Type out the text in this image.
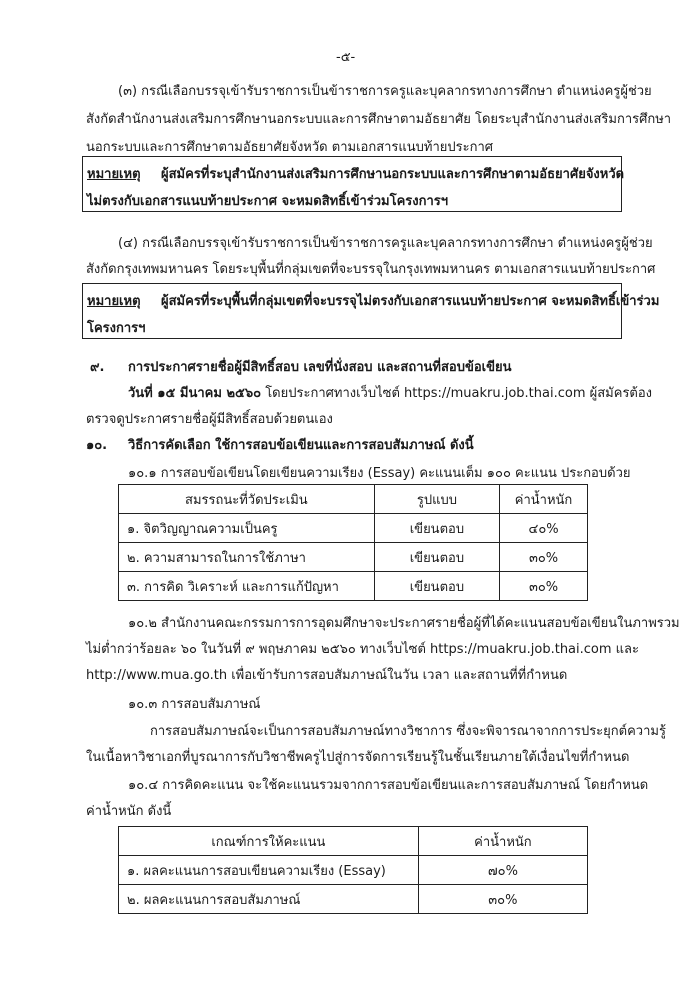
-๕-
(๓) กรณีเลือกบรรจุเข้ารับราชการเป็นข้าราชการครูและบุคลากรทางการศึกษา ตำแหน่งครูผู้ช่วย
สังกัดสำนักงานส่งเสริมการศึกษานอกระบบและการศึกษาตามอัธยาศัย โดยระบุสำนักงานส่งเสริมการศึกษา
นอกระบบและการศึกษาตามอัธยาศัยจังหวัด ตามเอกสารแนบท้ายประกาศ
หมายเหตุ ผู้สมัครที่ระบุสำนักงานส่งเสริมการศึกษานอกระบบและการศึกษาตามอัธยาศัยจังหวัด
ไม่ตรงกับเอกสารแนบท้ายประกาศ จะหมดสิทธิ์เข้าร่วมโครงการฯ
(๔) กรณีเลือกบรรจุเข้ารับราชการเป็นข้าราชการครูและบุคลากรทางการศึกษา ตำแหน่งครูผู้ช่วย
สังกัดกรุงเทพมหานคร โดยระบุพื้นที่กลุ่มเขตที่จะบรรจุในกรุงเทพมหานคร ตามเอกสารแนบท้ายประกาศ
หมายเหตุ ผู้สมัครที่ระบุพื้นที่กลุ่มเขตที่จะบรรจุไม่ตรงกับเอกสารแนบท้ายประกาศ จะหมดสิทธิ์เข้าร่วม
โครงการฯ
๙. การประกาศรายชื่อผู้มีสิทธิ์สอบ เลขที่นั่งสอบ และสถานที่สอบข้อเขียน
วันที่ ๑๕ มีนาคม ๒๕๖๐ โดยประกาศทางเว็บไซต์ https://muakru.job.thai.com ผู้สมัครต้อง
ตรวจดูประกาศรายชื่อผู้มีสิทธิ์สอบด้วยตนเอง
๑๐. วิธีการคัดเลือก ใช้การสอบข้อเขียนและการสอบสัมภาษณ์ ดังนี้
๑๐.๑ การสอบข้อเขียนโดยเขียนความเรียง (Essay) คะแนนเต็ม ๑๐๐ คะแนน ประกอบด้วย
สมรรถนะที่วัดประเมิน	รูปแบบ	ค่าน้ำหนัก
๑. จิตวิญญาณความเป็นครู	เขียนตอบ	๔๐%
๒. ความสามารถในการใช้ภาษา	เขียนตอบ	๓๐%
๓. การคิด วิเคราะห์ และการแก้ปัญหา	เขียนตอบ	๓๐%
๑๐.๒ สำนักงานคณะกรรมการการอุดมศึกษาจะประกาศรายชื่อผู้ที่ได้คะแนนสอบข้อเขียนในภาพรวม
ไม่ต่ำกว่าร้อยละ ๖๐ ในวันที่ ๙ พฤษภาคม ๒๕๖๐ ทางเว็บไซต์ https://muakru.job.thai.com และ
http://www.mua.go.th เพื่อเข้ารับการสอบสัมภาษณ์ในวัน เวลา และสถานที่ที่กำหนด
๑๐.๓ การสอบสัมภาษณ์
การสอบสัมภาษณ์จะเป็นการสอบสัมภาษณ์ทางวิชาการ ซึ่งจะพิจารณาจากการประยุกต์ความรู้
ในเนื้อหาวิชาเอกที่บูรณาการกับวิชาชีพครูไปสู่การจัดการเรียนรู้ในชั้นเรียนภายใต้เงื่อนไขที่กำหนด
๑๐.๔ การคิดคะแนน จะใช้คะแนนรวมจากการสอบข้อเขียนและการสอบสัมภาษณ์ โดยกำหนด
ค่าน้ำหนัก ดังนี้
เกณฑ์การให้คะแนน	ค่าน้ำหนัก
๑. ผลคะแนนการสอบเขียนความเรียง (Essay)	๗๐%
๒. ผลคะแนนการสอบสัมภาษณ์	๓๐%
